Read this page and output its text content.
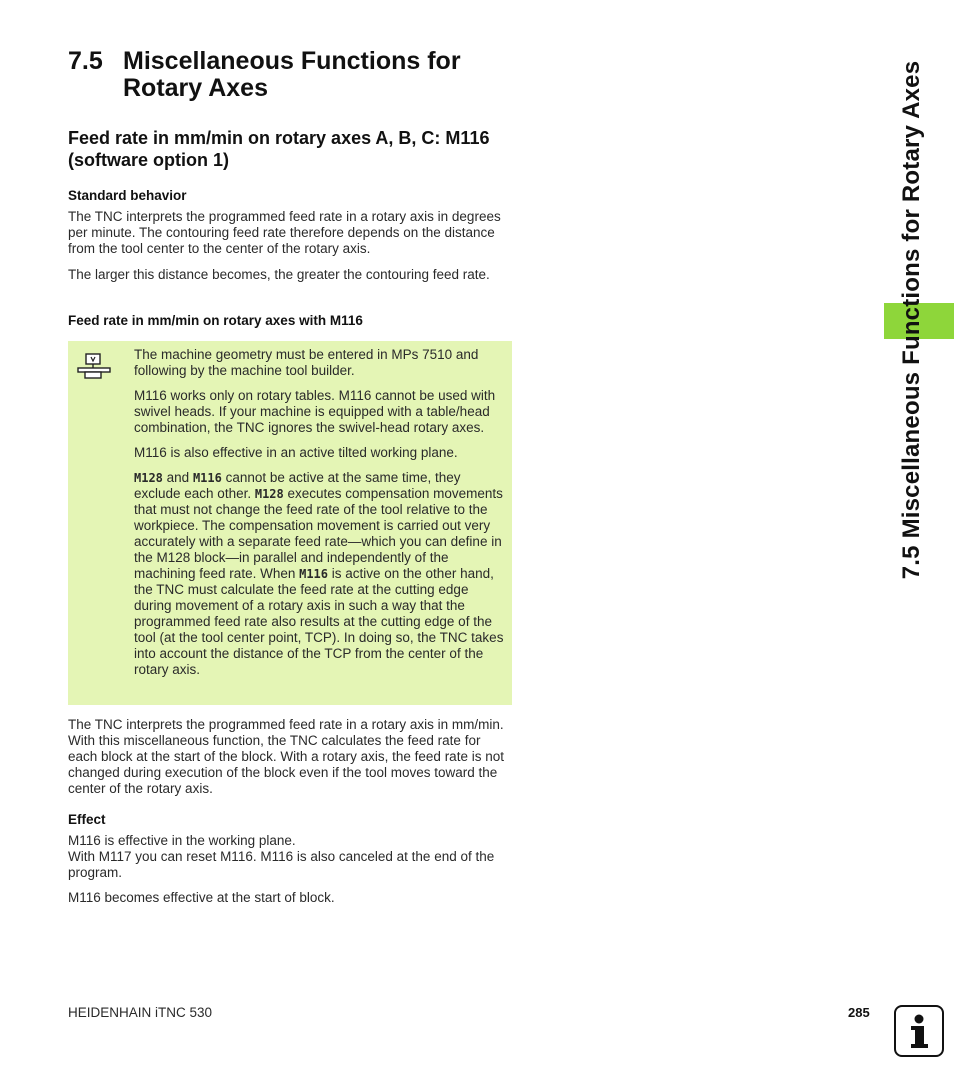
7.5 Miscellaneous Functions for
Rotary Axes
Feed rate in mm/min on rotary axes A, B, C: M116 (software option 1)
Standard behavior
The TNC interprets the programmed feed rate in a rotary axis in degrees per minute. The contouring feed rate therefore depends on the distance from the tool center to the center of the rotary axis.
The larger this distance becomes, the greater the contouring feed rate.
Feed rate in mm/min on rotary axes with M116

The machine geometry must be entered in MPs 7510 and following by the machine tool builder.

M116 works only on rotary tables. M116 cannot be used with swivel heads. If your machine is equipped with a table/head combination, the TNC ignores the swivel-head rotary axes.

M116 is also effective in an active tilted working plane.

M128 and M116 cannot be active at the same time, they exclude each other. M128 executes compensation movements that must not change the feed rate of the tool relative to the workpiece. The compensation movement is carried out very accurately with a separate feed rate—which you can define in the M128 block—in parallel and independently of the machining feed rate. When M116 is active on the other hand, the TNC must calculate the feed rate at the cutting edge during movement of a rotary axis in such a way that the programmed feed rate also results at the cutting edge of the tool (at the tool center point, TCP). In doing so, the TNC takes into account the distance of the TCP from the center of the rotary axis.

The TNC interprets the programmed feed rate in a rotary axis in mm/min. With this miscellaneous function, the TNC calculates the feed rate for each block at the start of the block. With a rotary axis, the feed rate is not changed during execution of the block even if the tool moves toward the center of the rotary axis.
Effect
M116 is effective in the working plane.
With M117 you can reset M116. M116 is also canceled at the end of the program.
M116 becomes effective at the start of block.
7.5 Miscellaneous Functions for Rotary Axes
HEIDENHAIN iTNC 530	285
